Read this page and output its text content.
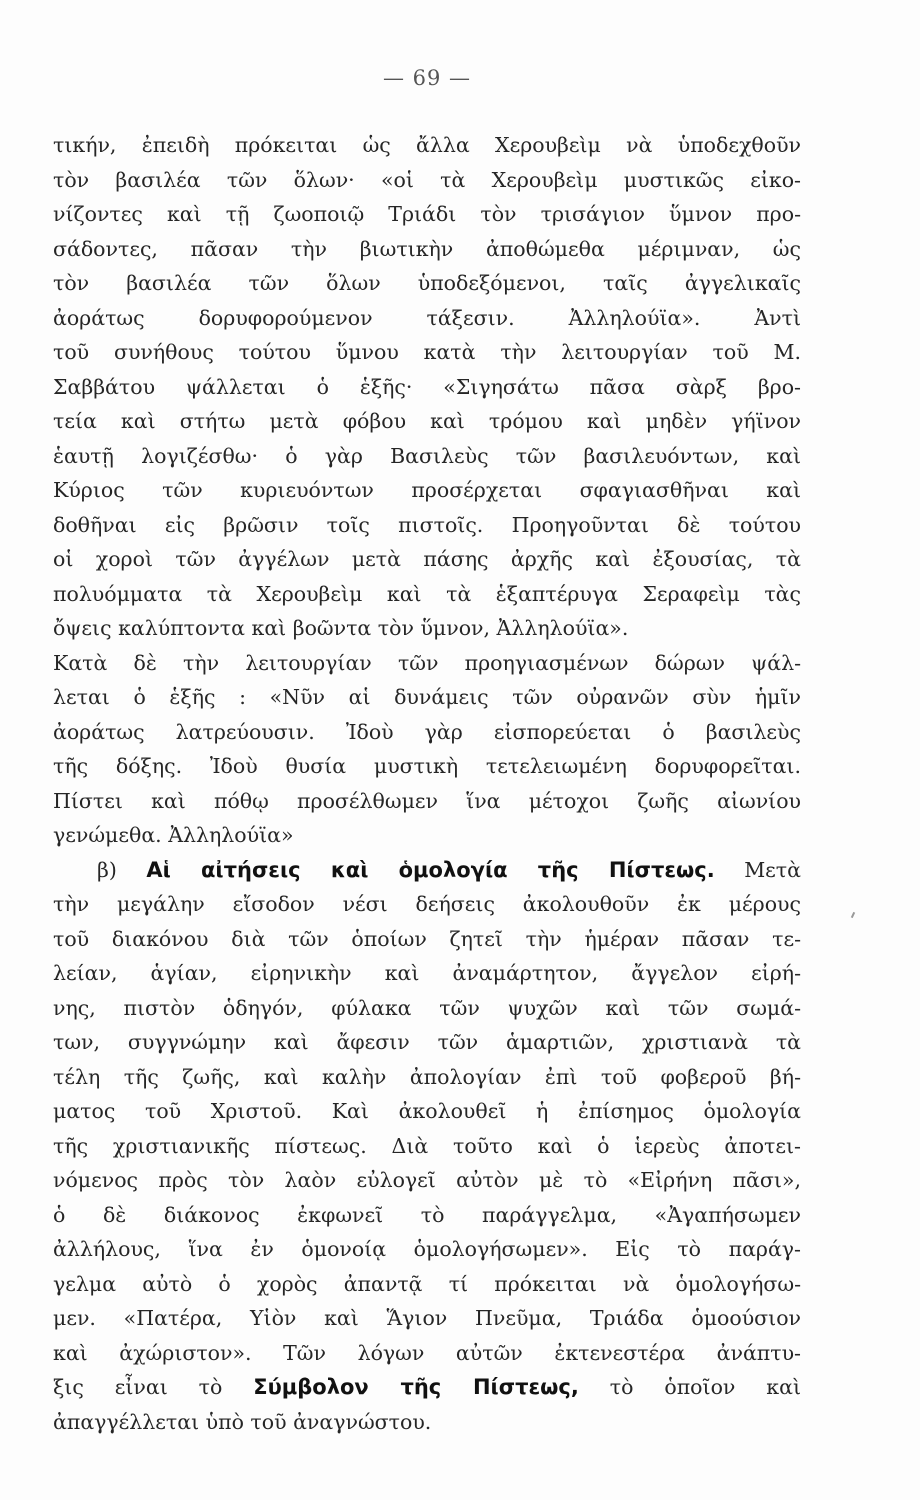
— 69 —
τικήν, ἐπειδὴ πρόκειται ὡς ἄλλα Χερουβεὶμ νὰ ὑποδεχθοῦν
τὸν βασιλέα τῶν ὅλων· «οἱ τὰ Χερουβεὶμ μυστικῶς εἰκο-
νίζοντες καὶ τῇ ζωοποιῷ Τριάδι τὸν τρισάγιον ὕμνον προ-
σάδοντες, πᾶσαν τὴν βιωτικὴν ἀποθώμεθα μέριμναν, ὡς
τὸν βασιλέα τῶν ὅλων ὑποδεξόμενοι, ταῖς ἀγγελικαῖς
ἀοράτως δορυφορούμενον τάξεσιν. Ἀλληλούϊα». Ἀντὶ
τοῦ συνήθους τούτου ὕμνου κατὰ τὴν λειτουργίαν τοῦ Μ.
Σαββάτου ψάλλεται ὁ ἑξῆς· «Σιγησάτω πᾶσα σὰρξ βρο-
τεία καὶ στήτω μετὰ φόβου καὶ τρόμου καὶ μηδὲν γήϊνον
ἑαυτῇ λογιζέσθω· ὁ γὰρ Βασιλεὺς τῶν βασιλευόντων, καὶ
Κύριος τῶν κυριευόντων προσέρχεται σφαγιασθῆναι καὶ
δοθῆναι εἰς βρῶσιν τοῖς πιστοῖς. Προηγοῦνται δὲ τούτου
οἱ χοροὶ τῶν ἀγγέλων μετὰ πάσης ἀρχῆς καὶ ἐξουσίας, τὰ
πολυόμματα τὰ Χερουβεὶμ καὶ τὰ ἑξαπτέρυγα Σεραφεὶμ τὰς
ὄψεις καλύπτοντα καὶ βοῶντα τὸν ὕμνον, Ἀλληλούϊα».
Κατὰ δὲ τὴν λειτουργίαν τῶν προηγιασμένων δώρων ψάλ-
λεται ὁ ἑξῆς : «Νῦν αἱ δυνάμεις τῶν οὐρανῶν σὺν ἡμῖν
ἀοράτως λατρεύουσιν. Ἰδοὺ γὰρ εἰσπορεύεται ὁ βασιλεὺς
τῆς δόξης. Ἰδοὺ θυσία μυστικὴ τετελειωμένη δορυφορεῖται.
Πίστει καὶ πόθῳ προσέλθωμεν ἵνα μέτοχοι ζωῆς αἰωνίου
γενώμεθα. Ἀλληλούϊα»
β) Αἱ αἰτήσεις καὶ ὁμολογία τῆς Πίστεως. Μετὰ
τὴν μεγάλην εἴσοδον νέσι δεήσεις ἀκολουθοῦν ἐκ μέρους
τοῦ διακόνου διὰ τῶν ὁποίων ζητεῖ τὴν ἡμέραν πᾶσαν τε-
λείαν, ἁγίαν, εἰρηνικὴν καὶ ἀναμάρτητον, ἄγγελον εἰρή-
νης, πιστὸν ὁδηγόν, φύλακα τῶν ψυχῶν καὶ τῶν σωμά-
των, συγγνώμην καὶ ἄφεσιν τῶν ἁμαρτιῶν, χριστιανὰ τὰ
τέλη τῆς ζωῆς, καὶ καλὴν ἀπολογίαν ἐπὶ τοῦ φοβεροῦ βή-
ματος τοῦ Χριστοῦ. Καὶ ἀκολουθεῖ ἡ ἐπίσημος ὁμολογία
τῆς χριστιανικῆς πίστεως. Διὰ τοῦτο καὶ ὁ ἱερεὺς ἀποτει-
νόμενος πρὸς τὸν λαὸν εὐλογεῖ αὐτὸν μὲ τὸ «Εἰρήνη πᾶσι»,
ὁ δὲ διάκονος ἐκφωνεῖ τὸ παράγγελμα, «Ἀγαπήσωμεν
ἀλλήλους, ἵνα ἐν ὁμονοίᾳ ὁμολογήσωμεν». Εἰς τὸ παράγ-
γελμα αὐτὸ ὁ χορὸς ἀπαντᾷ τί πρόκειται νὰ ὁμολογήσω-
μεν. «Πατέρα, Υἱὸν καὶ Ἅγιον Πνεῦμα, Τριάδα ὁμοούσιον
καὶ ἀχώριστον». Τῶν λόγων αὐτῶν ἐκτενεστέρα ἀνάπτυ-
ξις εἶναι τὸ Σύμβολον τῆς Πίστεως, τὸ ὁποῖον καὶ
ἀπαγγέλλεται ὑπὸ τοῦ ἀναγνώστου.
